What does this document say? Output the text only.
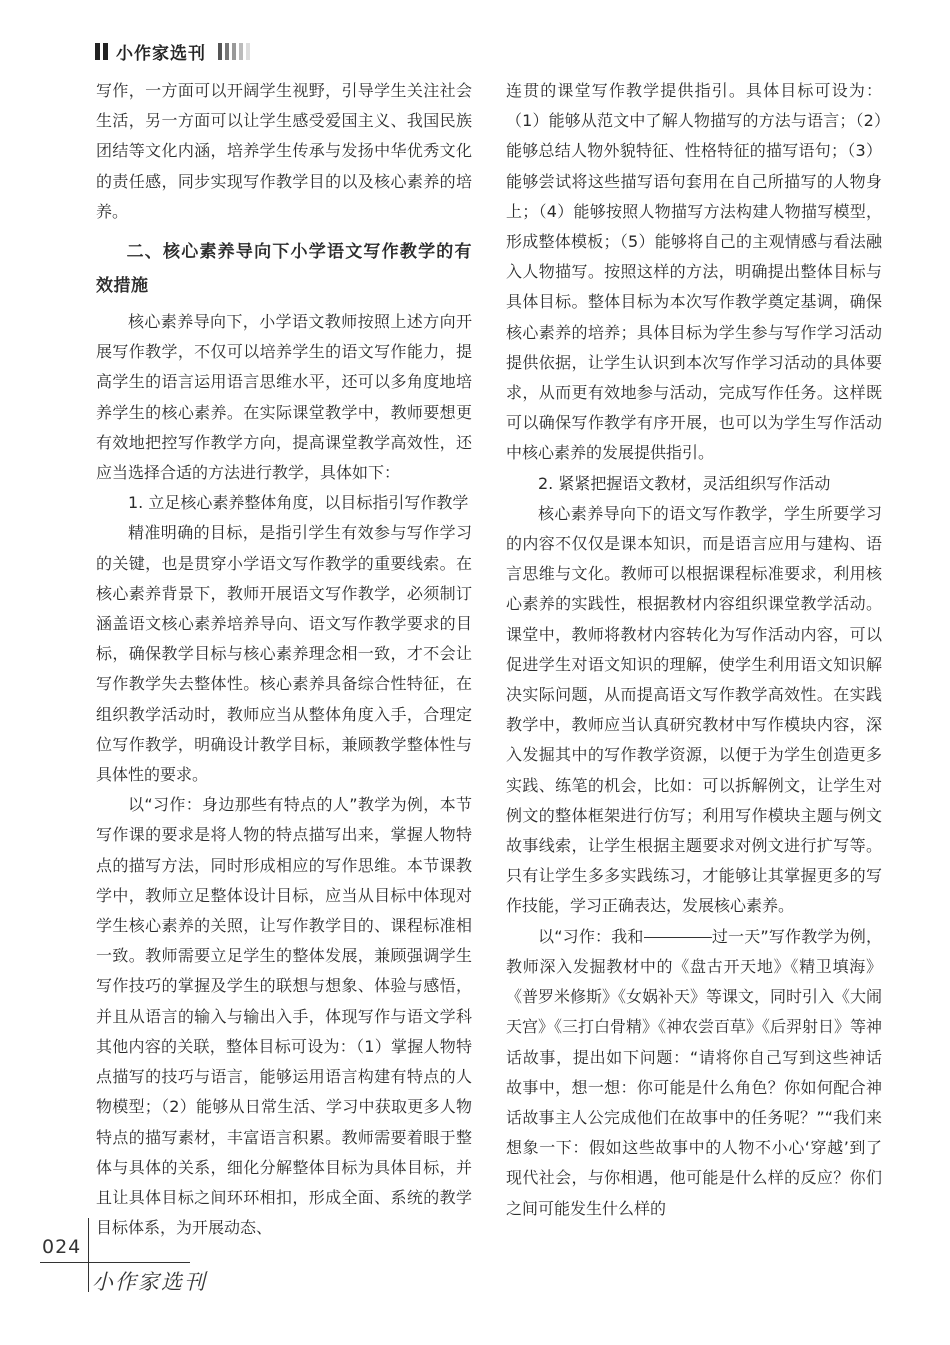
小作家选刊

写作，一方面可以开阔学生视野，引导学生关注社会生活，另一方面可以让学生感受爱国主义、我国民族团结等文化内涵，培养学生传承与发扬中华优秀文化的责任感，同步实现写作教学目的以及核心素养的培养。

二、核心素养导向下小学语文写作教学的有效措施

核心素养导向下，小学语文教师按照上述方向开展写作教学，不仅可以培养学生的语文写作能力，提高学生的语言运用语言思维水平，还可以多角度地培养学生的核心素养。在实际课堂教学中，教师要想更有效地把控写作教学方向，提高课堂教学高效性，还应当选择合适的方法进行教学，具体如下：

1. 立足核心素养整体角度，以目标指引写作教学

精准明确的目标，是指引学生有效参与写作学习的关键，也是贯穿小学语文写作教学的重要线索。在核心素养背景下，教师开展语文写作教学，必须制订涵盖语文核心素养培养导向、语文写作教学要求的目标，确保教学目标与核心素养理念相一致，才不会让写作教学失去整体性。核心素养具备综合性特征，在组织教学活动时，教师应当从整体角度入手，合理定位写作教学，明确设计教学目标，兼顾教学整体性与具体性的要求。

以“习作：身边那些有特点的人”教学为例，本节写作课的要求是将人物的特点描写出来，掌握人物特点的描写方法，同时形成相应的写作思维。本节课教学中，教师立足整体设计目标，应当从目标中体现对学生核心素养的关照，让写作教学目的、课程标准相一致。教师需要立足学生的整体发展，兼顾强调学生写作技巧的掌握及学生的联想与想象、体验与感悟，并且从语言的输入与输出入手，体现写作与语文学科其他内容的关联，整体目标可设为：（1）掌握人物特点描写的技巧与语言，能够运用语言构建有特点的人物模型；（2）能够从日常生活、学习中获取更多人物特点的描写素材，丰富语言积累。教师需要着眼于整体与具体的关系，细化分解整体目标为具体目标，并且让具体目标之间环环相扣，形成全面、系统的教学目标体系，为开展动态、

连贯的课堂写作教学提供指引。具体目标可设为：（1）能够从范文中了解人物描写的方法与语言；（2）能够总结人物外貌特征、性格特征的描写语句；（3）能够尝试将这些描写语句套用在自己所描写的人物身上；（4）能够按照人物描写方法构建人物描写模型，形成整体模板；（5）能够将自己的主观情感与看法融入人物描写。按照这样的方法，明确提出整体目标与具体目标。整体目标为本次写作教学奠定基调，确保核心素养的培养；具体目标为学生参与写作学习活动提供依据，让学生认识到本次写作学习活动的具体要求，从而更有效地参与活动，完成写作任务。这样既可以确保写作教学有序开展，也可以为学生写作活动中核心素养的发展提供指引。

2. 紧紧把握语文教材，灵活组织写作活动

核心素养导向下的语文写作教学，学生所要学习的内容不仅仅是课本知识，而是语言应用与建构、语言思维与文化。教师可以根据课程标准要求，利用核心素养的实践性，根据教材内容组织课堂教学活动。课堂中，教师将教材内容转化为写作活动内容，可以促进学生对语文知识的理解，使学生利用语文知识解决实际问题，从而提高语文写作教学高效性。在实践教学中，教师应当认真研究教材中写作模块内容，深入发掘其中的写作教学资源，以便于为学生创造更多实践、练笔的机会，比如：可以拆解例文，让学生对例文的整体框架进行仿写；利用写作模块主题与例文故事线索，让学生根据主题要求对例文进行扩写等。只有让学生多多实践练习，才能够让其掌握更多的写作技能，学习正确表达，发展核心素养。

以“习作：我和	过一天”写作教学为例，教师深入发掘教材中的《盘古开天地》《精卫填海》《普罗米修斯》《女娲补天》等课文，同时引入《大闹天宫》《三打白骨精》《神农尝百草》《后羿射日》等神话故事，提出如下问题：“请将你自己写到这些神话故事中，想一想：你可能是什么角色？你如何配合神话故事主人公完成他们在故事中的任务呢？”“我们来想象一下：假如这些故事中的人物不小心‘穿越’到了现代社会，与你相遇，他可能是什么样的反应？你们之间可能发生什么样的

024
小作家选刊
